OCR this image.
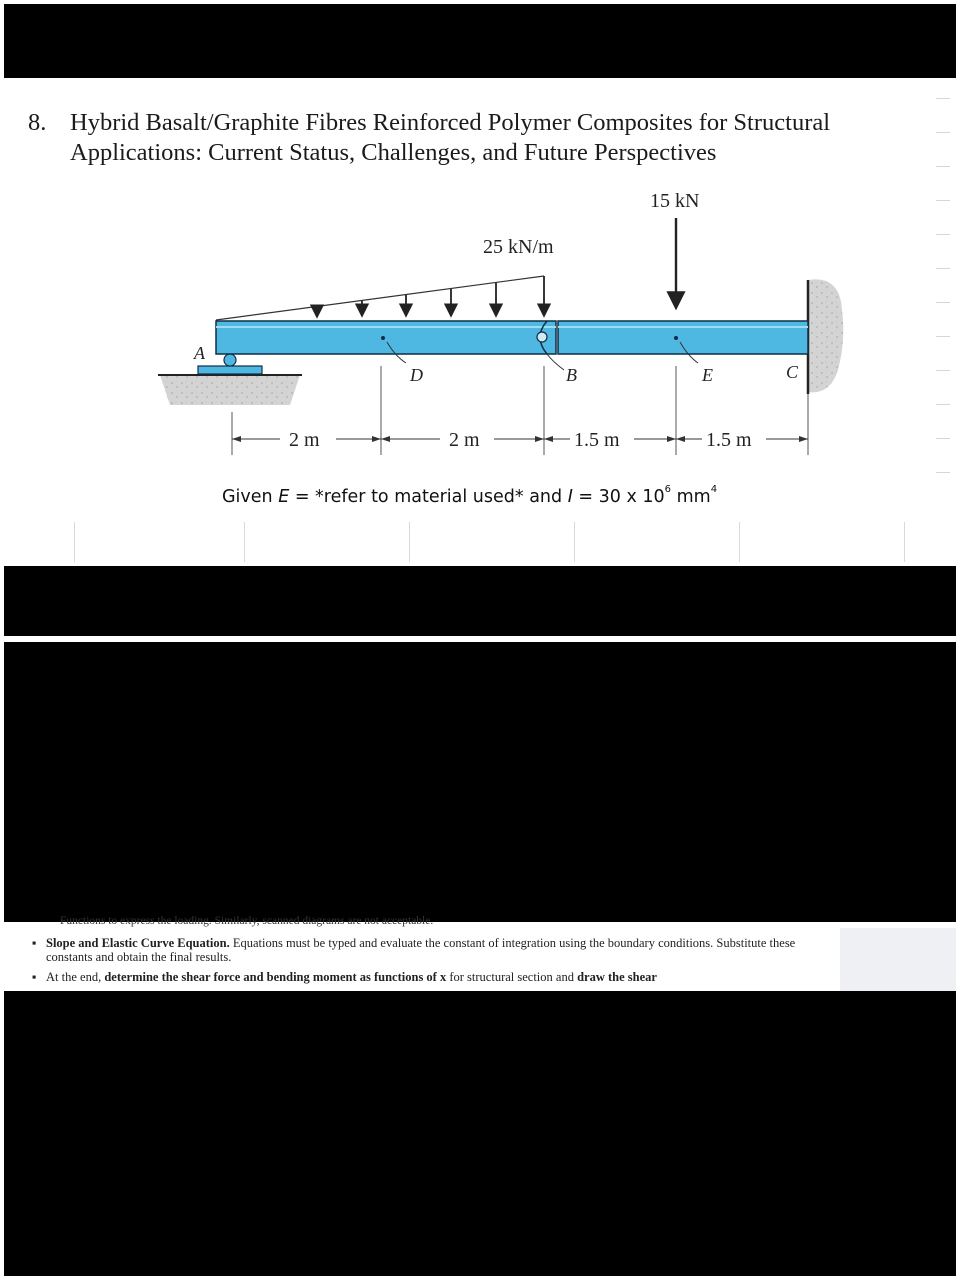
8. Hybrid Basalt/Graphite Fibres Reinforced Polymer Composites for Structural Applications: Current Status, Challenges, and Future Perspectives
25 kN/m
15 kN
A
D	B	E	C
2 m	2 m	1.5 m	1.5 m
Given E = *refer to material used* and I = 30 x $10^6$ $mm^4$
Functions to express the loading. Similarly, scanned diagrams are not acceptable.
▪ Slope and Elastic Curve Equation. Equations must be typed and evaluate the constant of integration using the boundary conditions. Substitute these constants and obtain the final results.
▪ At the end, determine the shear force and bending moment as functions of x for structural section and draw the shear
